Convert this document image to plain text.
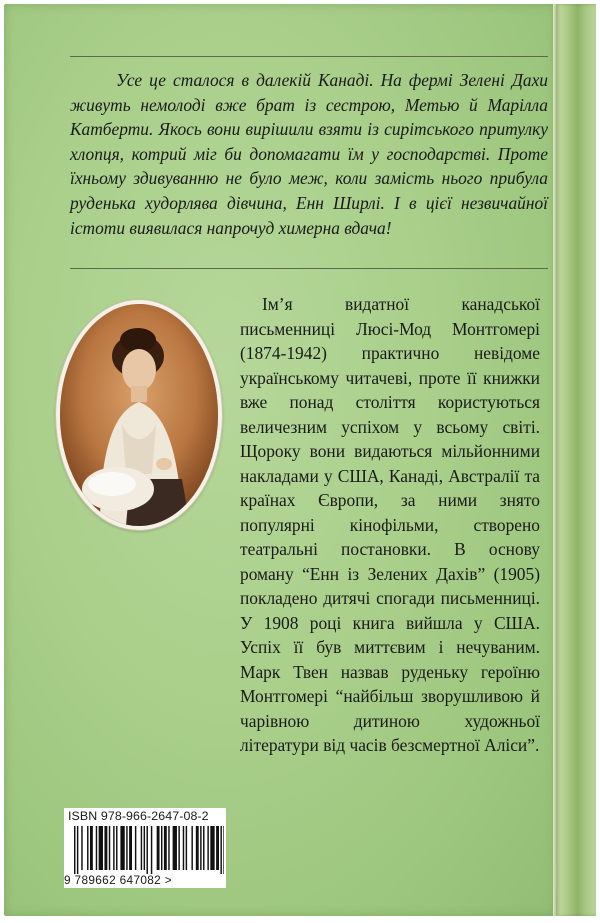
Усе це сталося в далекій Канаді. На фермі Зелені Дахи живуть немолоді вже брат із сестрою, Метью й Марілла Катберти. Якось вони вирішили взяти із сирітського притулку хлопця, котрий міг би допомагати їм у господарстві. Проте їхньому здивуванню не було меж, коли замість нього прибула руденька худорлява дівчина, Енн Ширлі. І в цієї незвичайної істоти виявилася напрочуд химерна вдача!

Ім’я видатної канадської письменниці Люсі-Мод Монтгомері (1874-1942) практично невідоме українському читачеві, проте її книжки вже понад століття користуються величезним успіхом у всьому світі. Щороку вони видаються мільйонними накладами у США, Канаді, Австралії та країнах Європи, за ними знято популярні кінофільми, створено театральні постановки. В основу роману “Енн із Зелених Дахів” (1905) покладено дитячі спогади письменниці. У 1908 році книга вийшла у США. Успіх її був миттєвим і нечуваним. Марк Твен назвав руденьку героїню Монтгомері “найбільш зворушливою й чарівною дитиною художньої літератури від часів безсмертної Аліси”.

ISBN 978-966-2647-08-2
9 789662 647082 >
